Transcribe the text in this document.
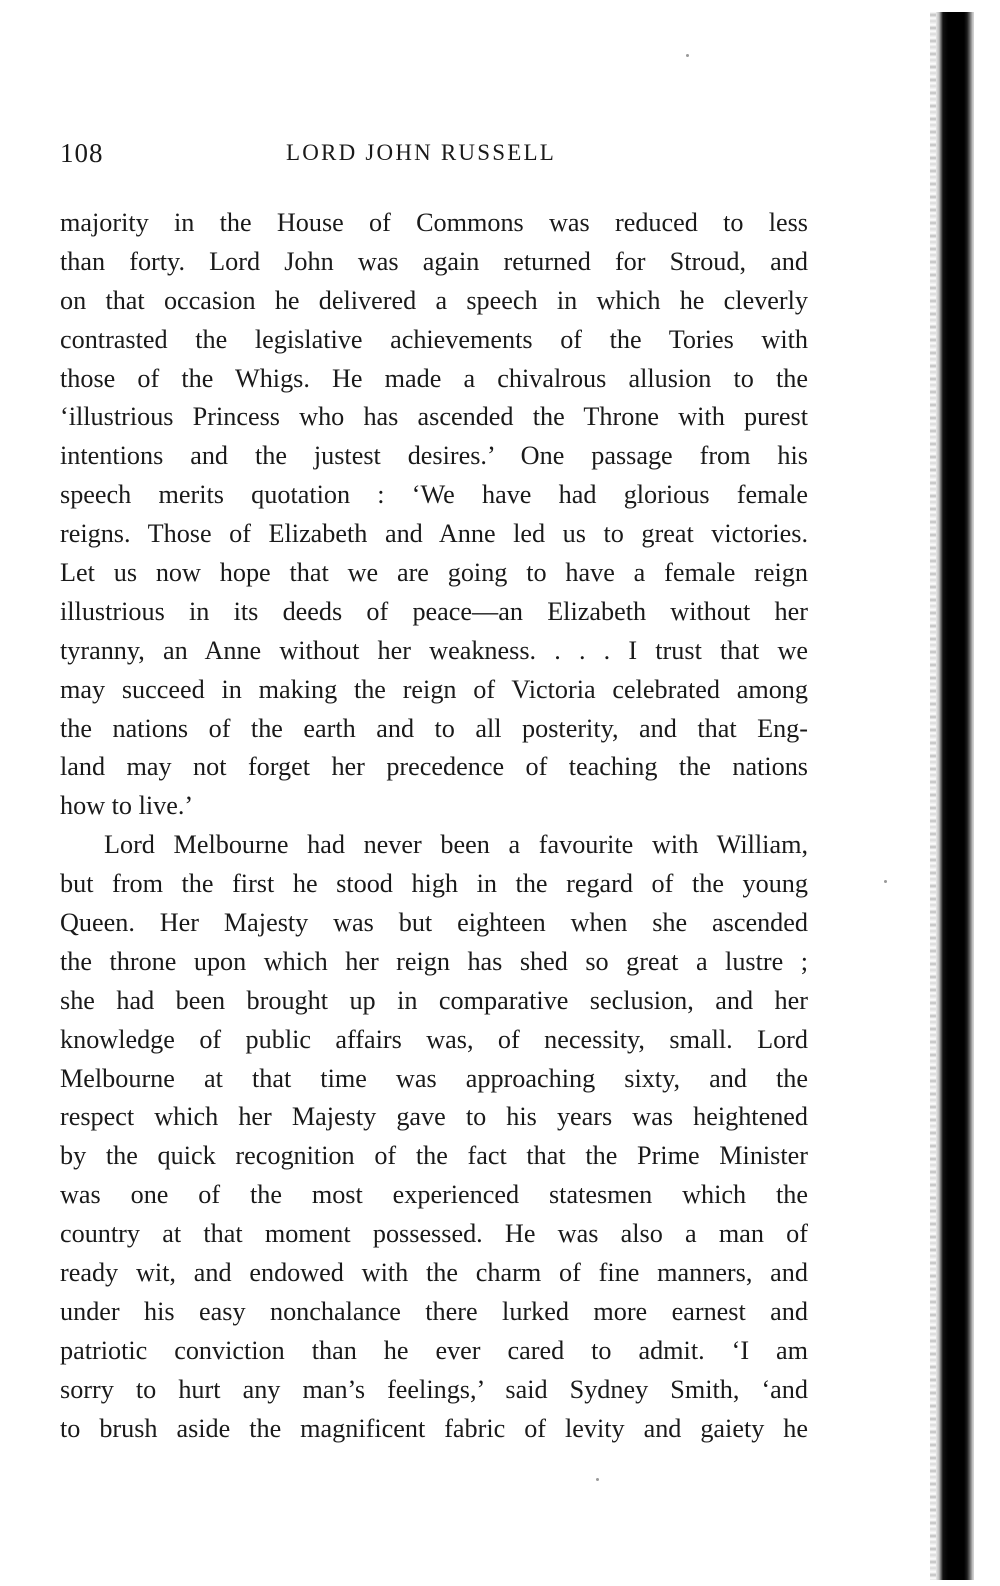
108	LORD JOHN RUSSELL
majority in the House of Commons was reduced to less
than forty. Lord John was again returned for Stroud, and
on that occasion he delivered a speech in which he cleverly
contrasted the legislative achievements of the Tories with
those of the Whigs. He made a chivalrous allusion to the
‘illustrious Princess who has ascended the Throne with purest
intentions and the justest desires.’ One passage from his
speech merits quotation : ‘We have had glorious female
reigns. Those of Elizabeth and Anne led us to great victories.
Let us now hope that we are going to have a female reign
illustrious in its deeds of peace—an Elizabeth without her
tyranny, an Anne without her weakness. . . . I trust that we
may succeed in making the reign of Victoria celebrated among
the nations of the earth and to all posterity, and that Eng-
land may not forget her precedence of teaching the nations
how to live.’
Lord Melbourne had never been a favourite with William,
but from the first he stood high in the regard of the young
Queen. Her Majesty was but eighteen when she ascended
the throne upon which her reign has shed so great a lustre ;
she had been brought up in comparative seclusion, and her
knowledge of public affairs was, of necessity, small. Lord
Melbourne at that time was approaching sixty, and the
respect which her Majesty gave to his years was heightened
by the quick recognition of the fact that the Prime Minister
was one of the most experienced statesmen which the
country at that moment possessed. He was also a man of
ready wit, and endowed with the charm of fine manners, and
under his easy nonchalance there lurked more earnest and
patriotic conviction than he ever cared to admit. ‘I am
sorry to hurt any man’s feelings,’ said Sydney Smith, ‘and
to brush aside the magnificent fabric of levity and gaiety he
